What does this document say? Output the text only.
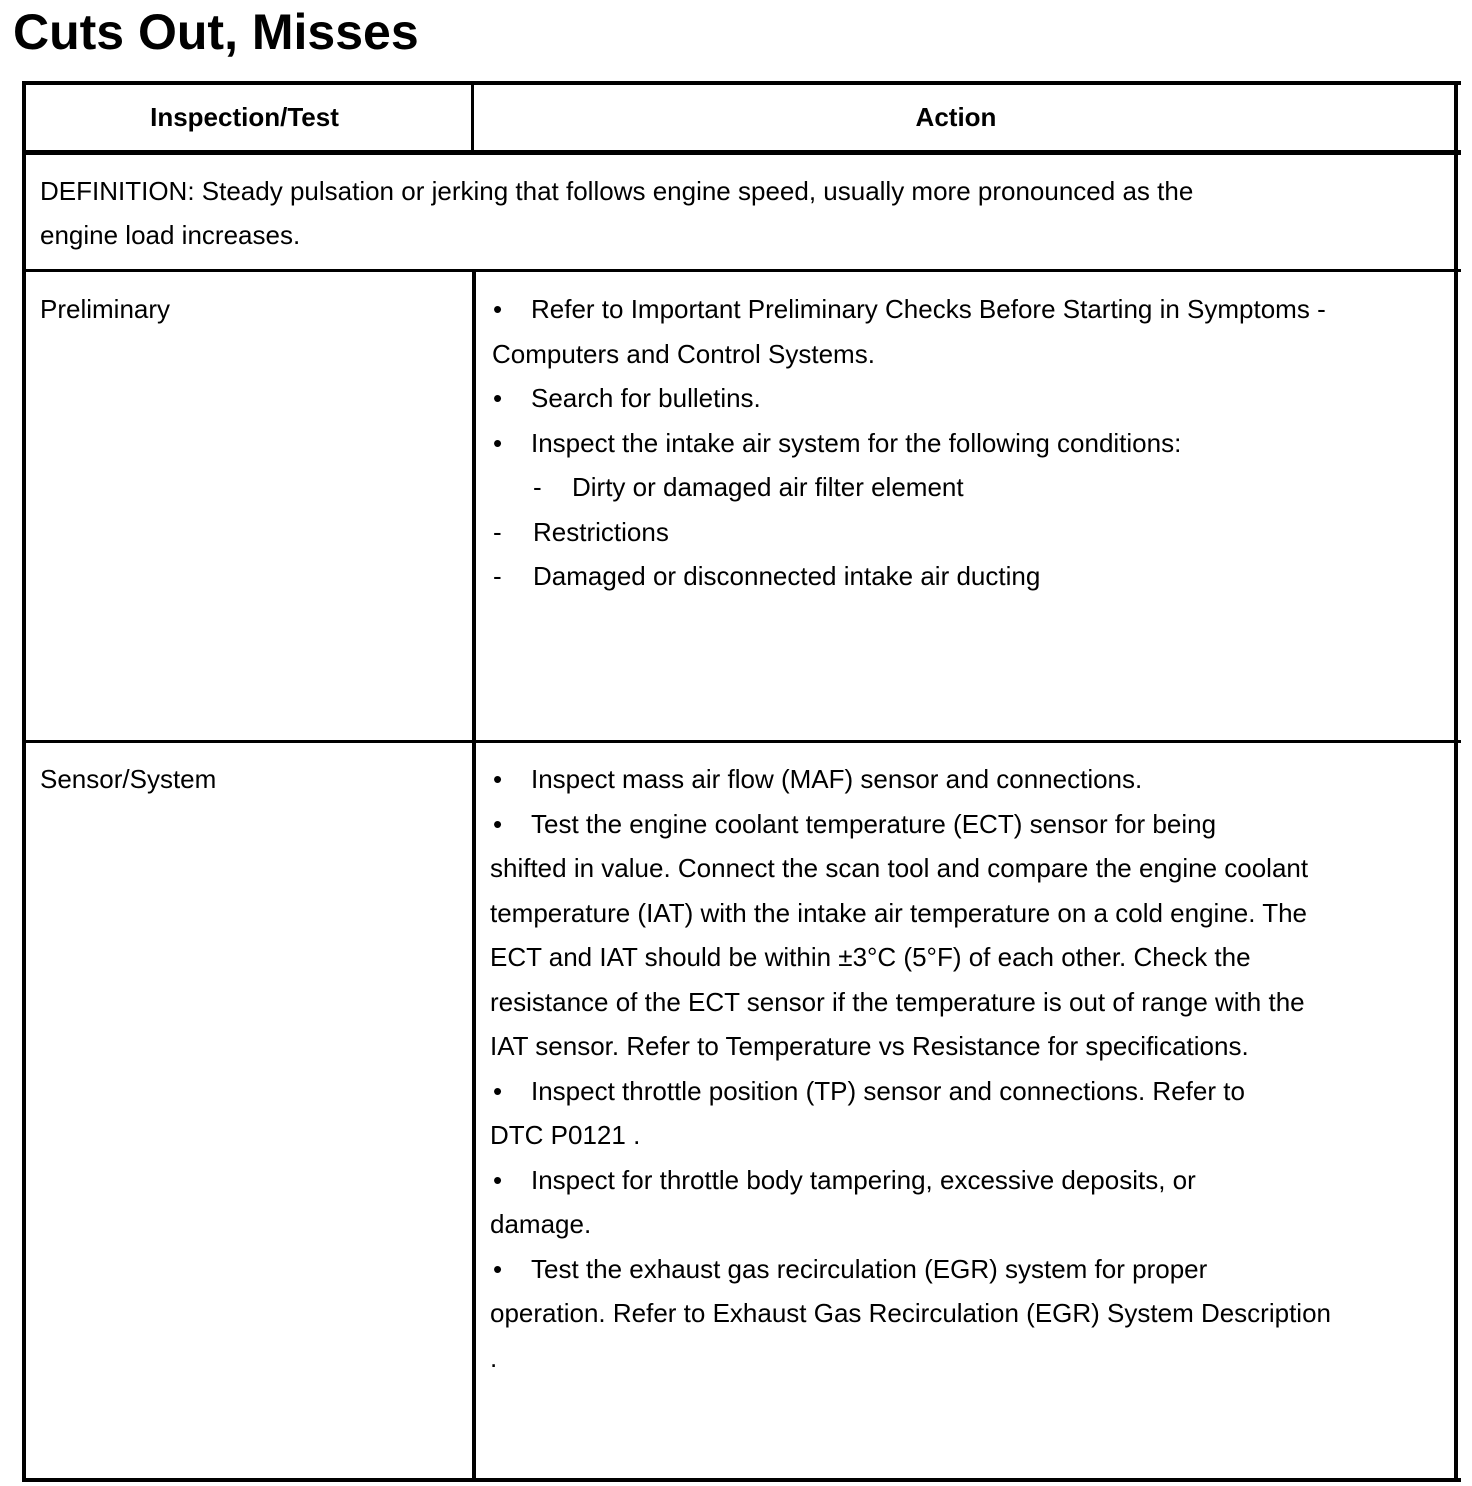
Cuts Out, Misses
Inspection/Test	Action
DEFINITION: Steady pulsation or jerking that follows engine speed, usually more pronounced as the
engine load increases.
Preliminary	• Refer to Important Preliminary Checks Before Starting in Symptoms -
Computers and Control Systems.
• Search for bulletins.
• Inspect the intake air system for the following conditions:
- Dirty or damaged air filter element
- Restrictions
- Damaged or disconnected intake air ducting
Sensor/System	• Inspect mass air flow (MAF) sensor and connections.
• Test the engine coolant temperature (ECT) sensor for being
shifted in value. Connect the scan tool and compare the engine coolant
temperature (IAT) with the intake air temperature on a cold engine. The
ECT and IAT should be within ±3°C (5°F) of each other. Check the
resistance of the ECT sensor if the temperature is out of range with the
IAT sensor. Refer to Temperature vs Resistance for specifications.
• Inspect throttle position (TP) sensor and connections. Refer to
DTC P0121 .
• Inspect for throttle body tampering, excessive deposits, or
damage.
• Test the exhaust gas recirculation (EGR) system for proper
operation. Refer to Exhaust Gas Recirculation (EGR) System Description
.
